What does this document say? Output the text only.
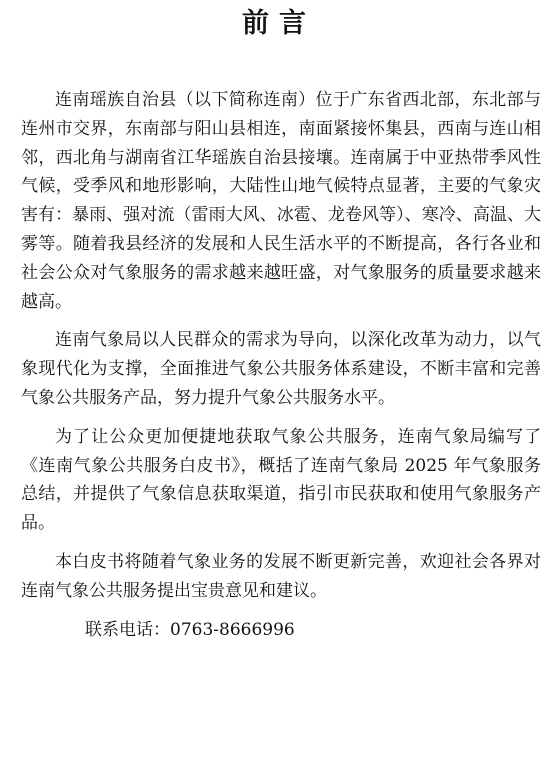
前言

连南瑶族自治县（以下简称连南）位于广东省西北部，东北部与连州市交界，东南部与阳山县相连，南面紧接怀集县，西南与连山相邻，西北角与湖南省江华瑶族自治县接壤。连南属于中亚热带季风性气候，受季风和地形影响，大陆性山地气候特点显著，主要的气象灾害有：暴雨、强对流（雷雨大风、冰雹、龙卷风等）、寒冷、高温、大雾等。随着我县经济的发展和人民生活水平的不断提高，各行各业和社会公众对气象服务的需求越来越旺盛，对气象服务的质量要求越来越高。

连南气象局以人民群众的需求为导向，以深化改革为动力，以气象现代化为支撑，全面推进气象公共服务体系建设，不断丰富和完善气象公共服务产品，努力提升气象公共服务水平。

为了让公众更加便捷地获取气象公共服务，连南气象局编写了《连南气象公共服务白皮书》，概括了连南气象局 2025 年气象服务总结，并提供了气象信息获取渠道，指引市民获取和使用气象服务产品。

本白皮书将随着气象业务的发展不断更新完善，欢迎社会各界对连南气象公共服务提出宝贵意见和建议。

联系电话：0763-8666996
